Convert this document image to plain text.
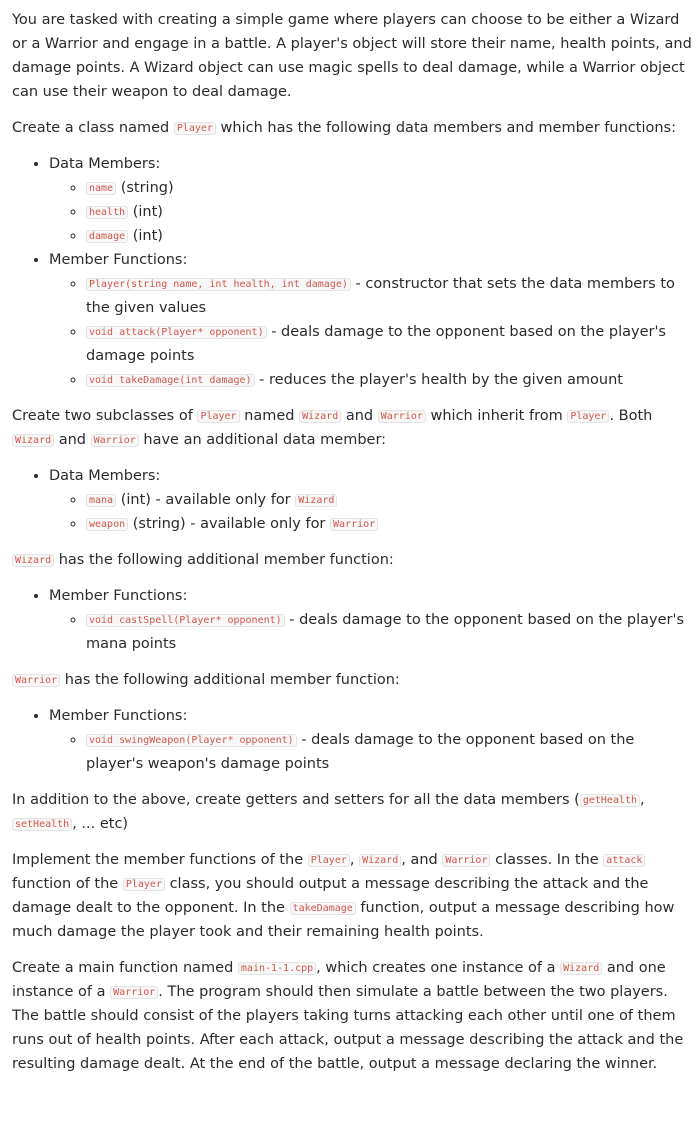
You are tasked with creating a simple game where players can choose to be either a Wizard or a Warrior and engage in a battle. A player's object will store their name, health points, and damage points. A Wizard object can use magic spells to deal damage, while a Warrior object can use their weapon to deal damage.

Create a class named Player which has the following data members and member functions:

• Data Members:
◦ name (string)
◦ health (int)
◦ damage (int)
• Member Functions:
◦ Player(string name, int health, int damage) - constructor that sets the data members to the given values
◦ void attack(Player* opponent) - deals damage to the opponent based on the player's damage points
◦ void takeDamage(int damage) - reduces the player's health by the given amount

Create two subclasses of Player named Wizard and Warrior which inherit from Player . Both Wizard and Warrior have an additional data member:

• Data Members:
◦ mana (int) - available only for Wizard
◦ weapon (string) - available only for Warrior

Wizard has the following additional member function:

• Member Functions:
◦ void castSpell(Player* opponent) - deals damage to the opponent based on the player's mana points

Warrior has the following additional member function:

• Member Functions:
◦ void swingWeapon(Player* opponent) - deals damage to the opponent based on the player's weapon's damage points

In addition to the above, create getters and setters for all the data members ( getHealth , setHealth , ... etc)

Implement the member functions of the Player , Wizard , and Warrior classes. In the attack function of the Player class, you should output a message describing the attack and the damage dealt to the opponent. In the takeDamage function, output a message describing how much damage the player took and their remaining health points.

Create a main function named main-1-1.cpp , which creates one instance of a Wizard and one instance of a Warrior . The program should then simulate a battle between the two players. The battle should consist of the players taking turns attacking each other until one of them runs out of health points. After each attack, output a message describing the attack and the resulting damage dealt. At the end of the battle, output a message declaring the winner.
